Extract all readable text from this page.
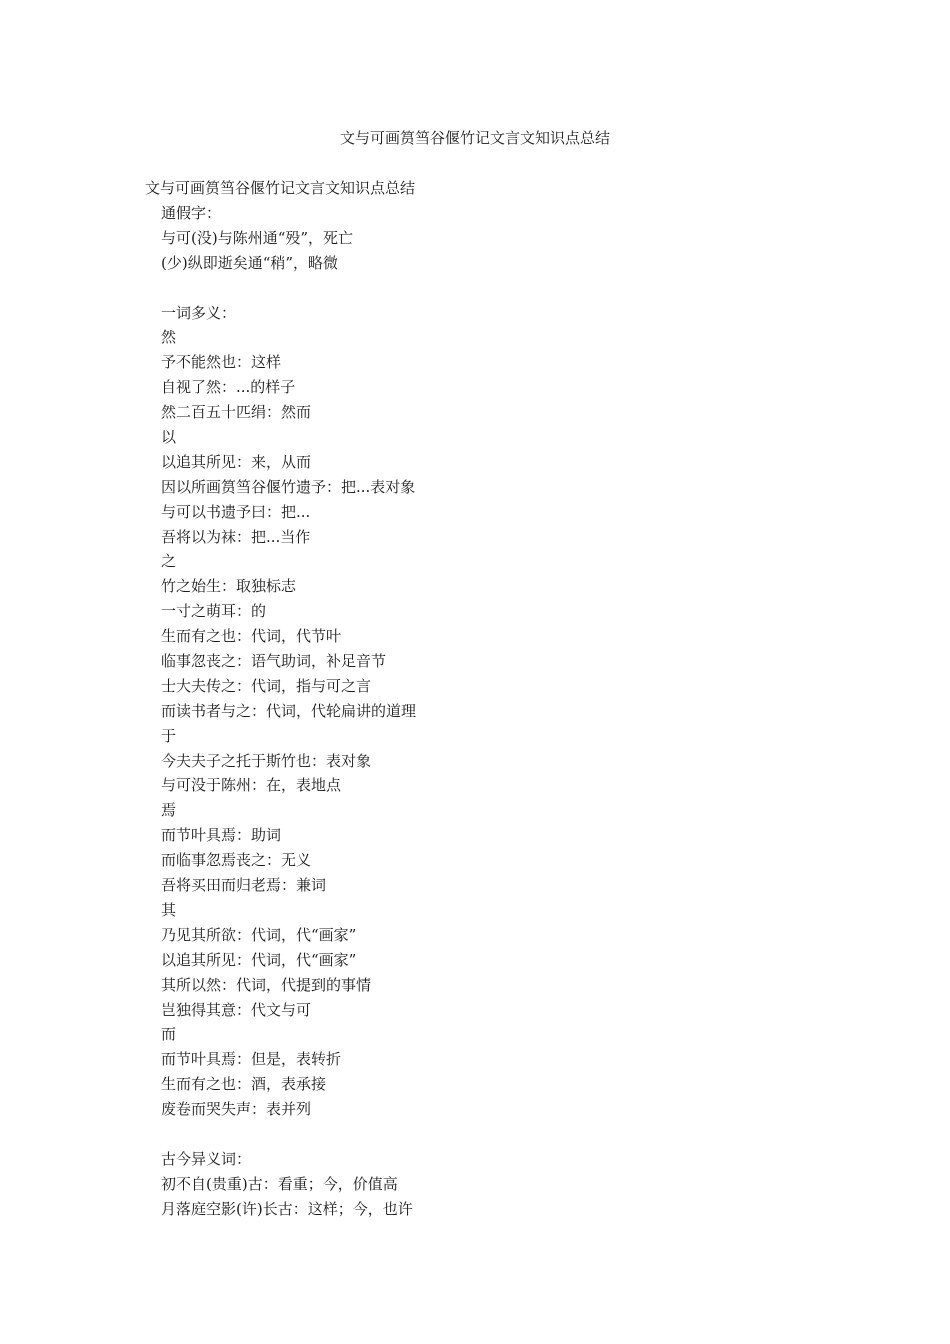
文与可画筼筜谷偃竹记文言文知识点总结
文与可画筼筜谷偃竹记文言文知识点总结
通假字：
与可(没)与陈州通“殁”，死亡
(少)纵即逝矣通“稍”，略微
一词多义：
然
予不能然也：这样
自视了然：...的样子
然二百五十匹绢：然而
以
以追其所见：来，从而
因以所画筼筜谷偃竹遗予：把...表对象
与可以书遗予曰：把...
吾将以为袜：把...当作
之
竹之始生：取独标志
一寸之萌耳：的
生而有之也：代词，代节叶
临事忽丧之：语气助词，补足音节
士大夫传之：代词，指与可之言
而读书者与之：代词，代轮扁讲的道理
于
今夫夫子之托于斯竹也：表对象
与可没于陈州：在，表地点
焉
而节叶具焉：助词
而临事忽焉丧之：无义
吾将买田而归老焉：兼词
其
乃见其所欲：代词，代“画家”
以追其所见：代词，代“画家”
其所以然：代词，代提到的事情
岂独得其意：代文与可
而
而节叶具焉：但是，表转折
生而有之也：酒，表承接
废卷而哭失声：表并列
古今异义词：
初不自(贵重)古：看重；今，价值高
月落庭空影(许)长古：这样；今，也许
